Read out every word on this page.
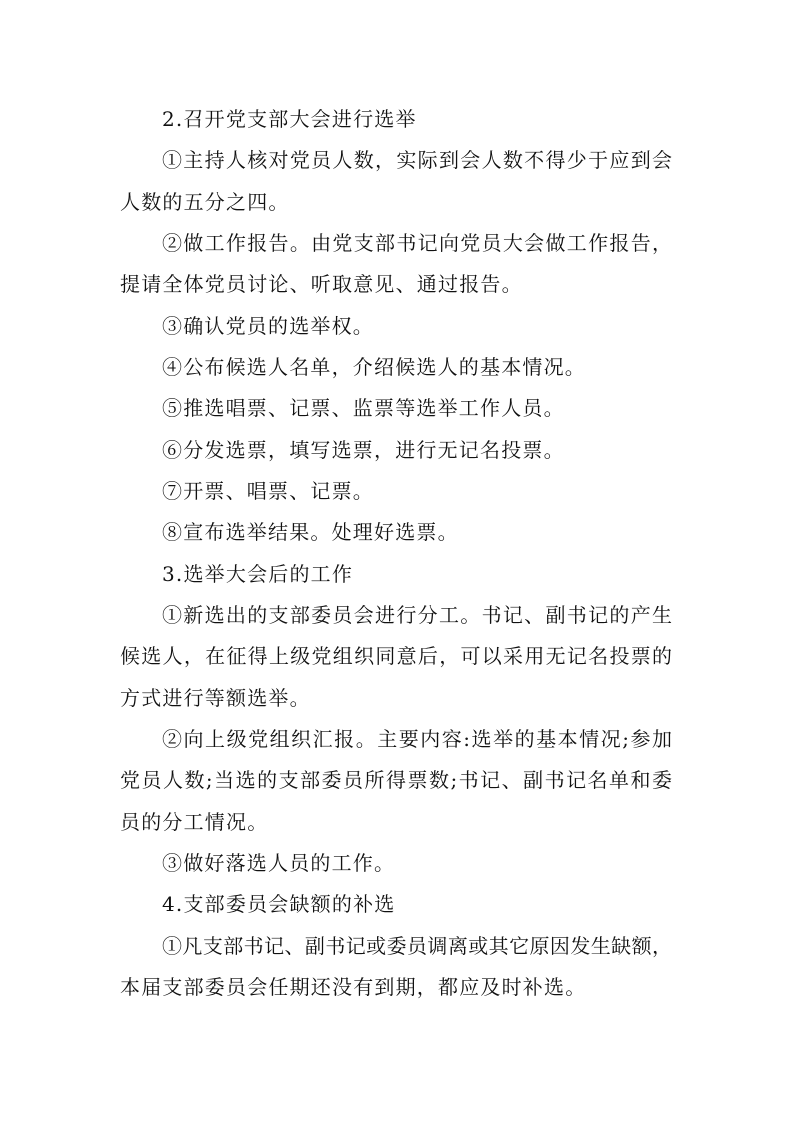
2.召开党支部大会进行选举
①主持人核对党员人数，实际到会人数不得少于应到会
人数的五分之四。
②做工作报告。由党支部书记向党员大会做工作报告，
提请全体党员讨论、听取意见、通过报告。
③确认党员的选举权。
④公布候选人名单，介绍候选人的基本情况。
⑤推选唱票、记票、监票等选举工作人员。
⑥分发选票，填写选票，进行无记名投票。
⑦开票、唱票、记票。
⑧宣布选举结果。处理好选票。
3.选举大会后的工作
①新选出的支部委员会进行分工。书记、副书记的产生
候选人，在征得上级党组织同意后，可以采用无记名投票的
方式进行等额选举。
②向上级党组织汇报。主要内容:选举的基本情况;参加
党员人数;当选的支部委员所得票数;书记、副书记名单和委
员的分工情况。
③做好落选人员的工作。
4.支部委员会缺额的补选
①凡支部书记、副书记或委员调离或其它原因发生缺额，
本届支部委员会任期还没有到期，都应及时补选。
